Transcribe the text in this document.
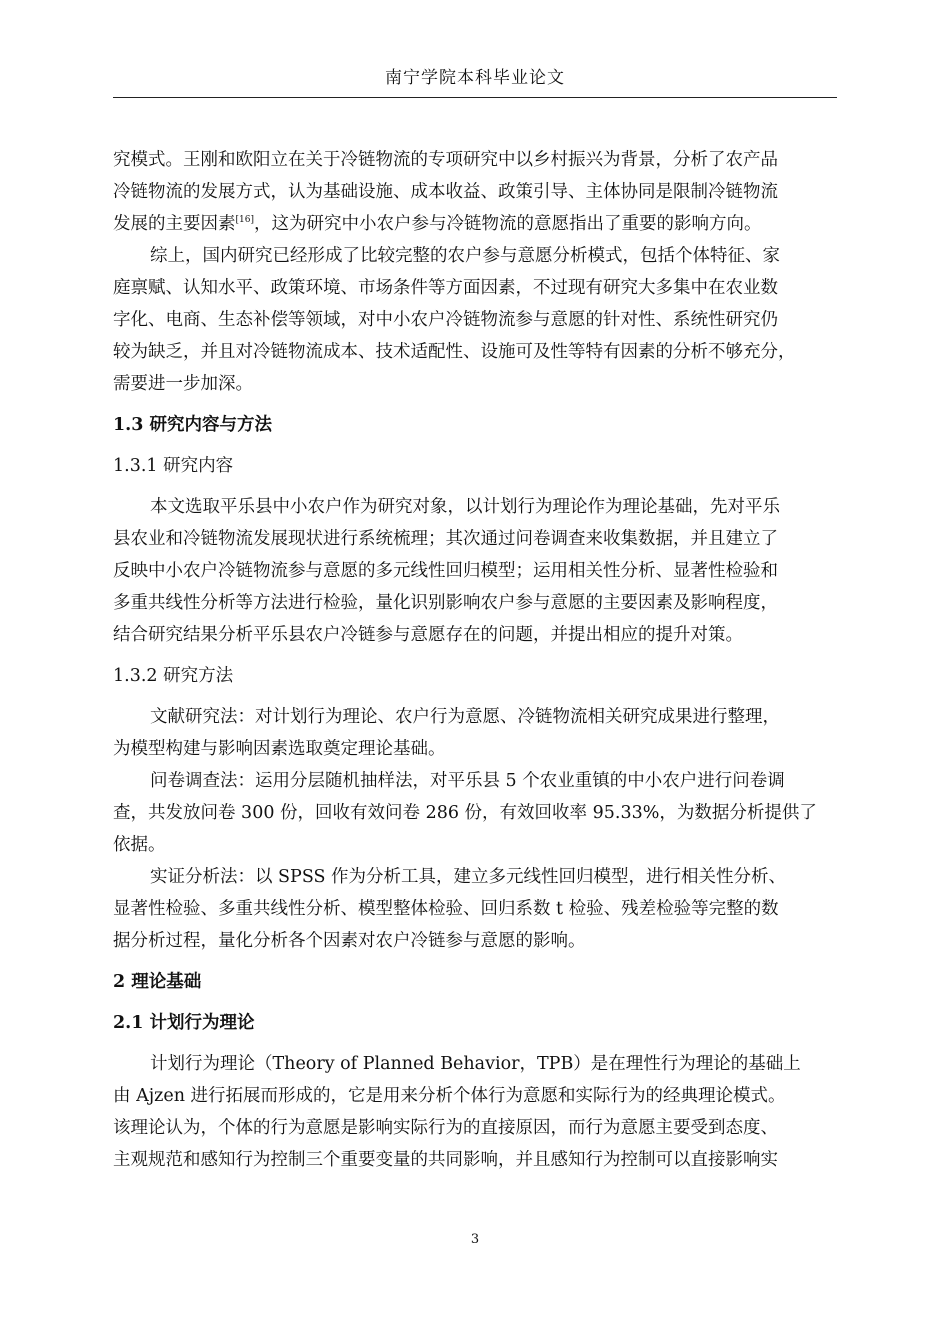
南宁学院本科毕业论文
究模式。王刚和欧阳立在关于冷链物流的专项研究中以乡村振兴为背景，分析了农产品
冷链物流的发展方式，认为基础设施、成本收益、政策引导、主体协同是限制冷链物流
发展的主要因素[16]，这为研究中小农户参与冷链物流的意愿指出了重要的影响方向。
综上，国内研究已经形成了比较完整的农户参与意愿分析模式，包括个体特征、家
庭禀赋、认知水平、政策环境、市场条件等方面因素，不过现有研究大多集中在农业数
字化、电商、生态补偿等领域，对中小农户冷链物流参与意愿的针对性、系统性研究仍
较为缺乏，并且对冷链物流成本、技术适配性、设施可及性等特有因素的分析不够充分，
需要进一步加深。
1.3 研究内容与方法
1.3.1 研究内容
本文选取平乐县中小农户作为研究对象，以计划行为理论作为理论基础，先对平乐
县农业和冷链物流发展现状进行系统梳理；其次通过问卷调查来收集数据，并且建立了
反映中小农户冷链物流参与意愿的多元线性回归模型；运用相关性分析、显著性检验和
多重共线性分析等方法进行检验，量化识别影响农户参与意愿的主要因素及影响程度，
结合研究结果分析平乐县农户冷链参与意愿存在的问题，并提出相应的提升对策。
1.3.2 研究方法
文献研究法：对计划行为理论、农户行为意愿、冷链物流相关研究成果进行整理，
为模型构建与影响因素选取奠定理论基础。
问卷调查法：运用分层随机抽样法，对平乐县 5 个农业重镇的中小农户进行问卷调
查，共发放问卷 300 份，回收有效问卷 286 份，有效回收率 95.33%，为数据分析提供了
依据。
实证分析法：以 SPSS 作为分析工具，建立多元线性回归模型，进行相关性分析、
显著性检验、多重共线性分析、模型整体检验、回归系数 t 检验、残差检验等完整的数
据分析过程，量化分析各个因素对农户冷链参与意愿的影响。
2 理论基础
2.1 计划行为理论
计划行为理论（Theory of Planned Behavior，TPB）是在理性行为理论的基础上
由 Ajzen 进行拓展而形成的，它是用来分析个体行为意愿和实际行为的经典理论模式。
该理论认为，个体的行为意愿是影响实际行为的直接原因，而行为意愿主要受到态度、
主观规范和感知行为控制三个重要变量的共同影响，并且感知行为控制可以直接影响实
3
